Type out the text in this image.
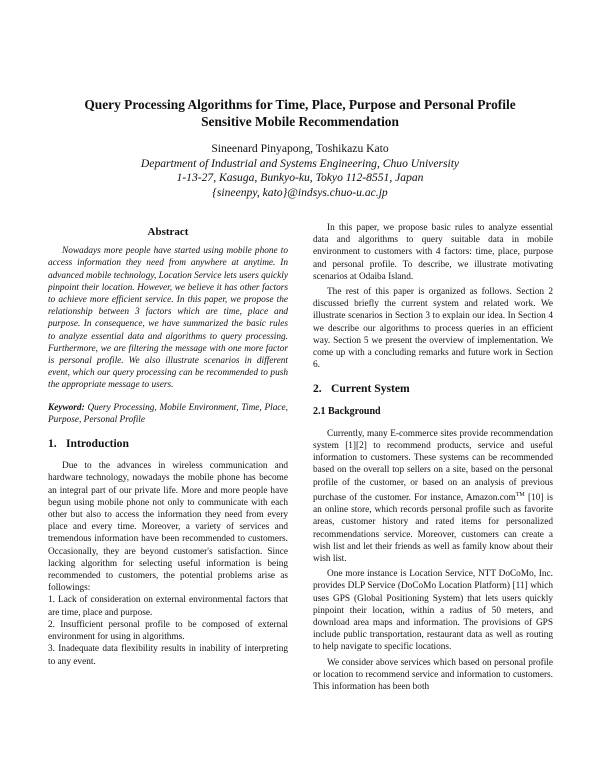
Query Processing Algorithms for Time, Place, Purpose and Personal Profile
Sensitive Mobile Recommendation
Sineenard Pinyapong, Toshikazu Kato
Department of Industrial and Systems Engineering, Chuo University
1-13-27, Kasuga, Bunkyo-ku, Tokyo 112-8551, Japan
{sineenpy, kato}@indsys.chuo-u.ac.jp
Abstract

Nowadays more people have started using mobile phone to access information they need from anywhere at anytime. In advanced mobile technology, Location Service lets users quickly pinpoint their location. However, we believe it has other factors to achieve more efficient service. In this paper, we propose the relationship between 3 factors which are time, place and purpose. In consequence, we have summarized the basic rules to analyze essential data and algorithms to query processing. Furthermore, we are filtering the message with one more factor is personal profile. We also illustrate scenarios in different event, which our query processing can be recommended to push the appropriate message to users.

Keyword: Query Processing, Mobile Environment, Time, Place, Purpose, Personal Profile

1. Introduction

Due to the advances in wireless communication and hardware technology, nowadays the mobile phone has become an integral part of our private life. More and more people have begun using mobile phone not only to communicate with each other but also to access the information they need from every place and every time. Moreover, a variety of services and tremendous information have been recommended to customers. Occasionally, they are beyond customer's satisfaction. Since lacking algorithm for selecting useful information is being recommended to customers, the potential problems arise as followings:

1. Lack of consideration on external environmental factors that are time, place and purpose.

2. Insufficient personal profile to be composed of external environment for using in algorithms.

3. Inadequate data flexibility results in inability of interpreting to any event.

In this paper, we propose basic rules to analyze essential data and algorithms to query suitable data in mobile environment to customers with 4 factors: time, place, purpose and personal profile. To describe, we illustrate motivating scenarios at Odaiba Island.

The rest of this paper is organized as follows. Section 2 discussed briefly the current system and related work. We illustrate scenarios in Section 3 to explain our idea. In Section 4 we describe our algorithms to process queries in an efficient way. Section 5 we present the overview of implementation. We come up with a concluding remarks and future work in Section 6.

2. Current System
2.1 Background

Currently, many E-commerce sites provide recommendation system [1][2] to recommend products, service and useful information to customers. These systems can be recommended based on the overall top sellers on a site, based on the personal profile of the customer, or based on an analysis of previous purchase of the customer. For instance, Amazon.com™ [10] is an online store, which records personal profile such as favorite areas, customer history and rated items for personalized recommendations service. Moreover, customers can create a wish list and let their friends as well as family know about their wish list.

One more instance is Location Service, NTT DoCoMo, Inc. provides DLP Service (DoCoMo Location Platform) [11] which uses GPS (Global Positioning System) that lets users quickly pinpoint their location, within a radius of 50 meters, and download area maps and information. The provisions of GPS include public transportation, restaurant data as well as routing to help navigate to specific locations.

We consider above services which based on personal profile or location to recommend service and information to customers. This information has been both
